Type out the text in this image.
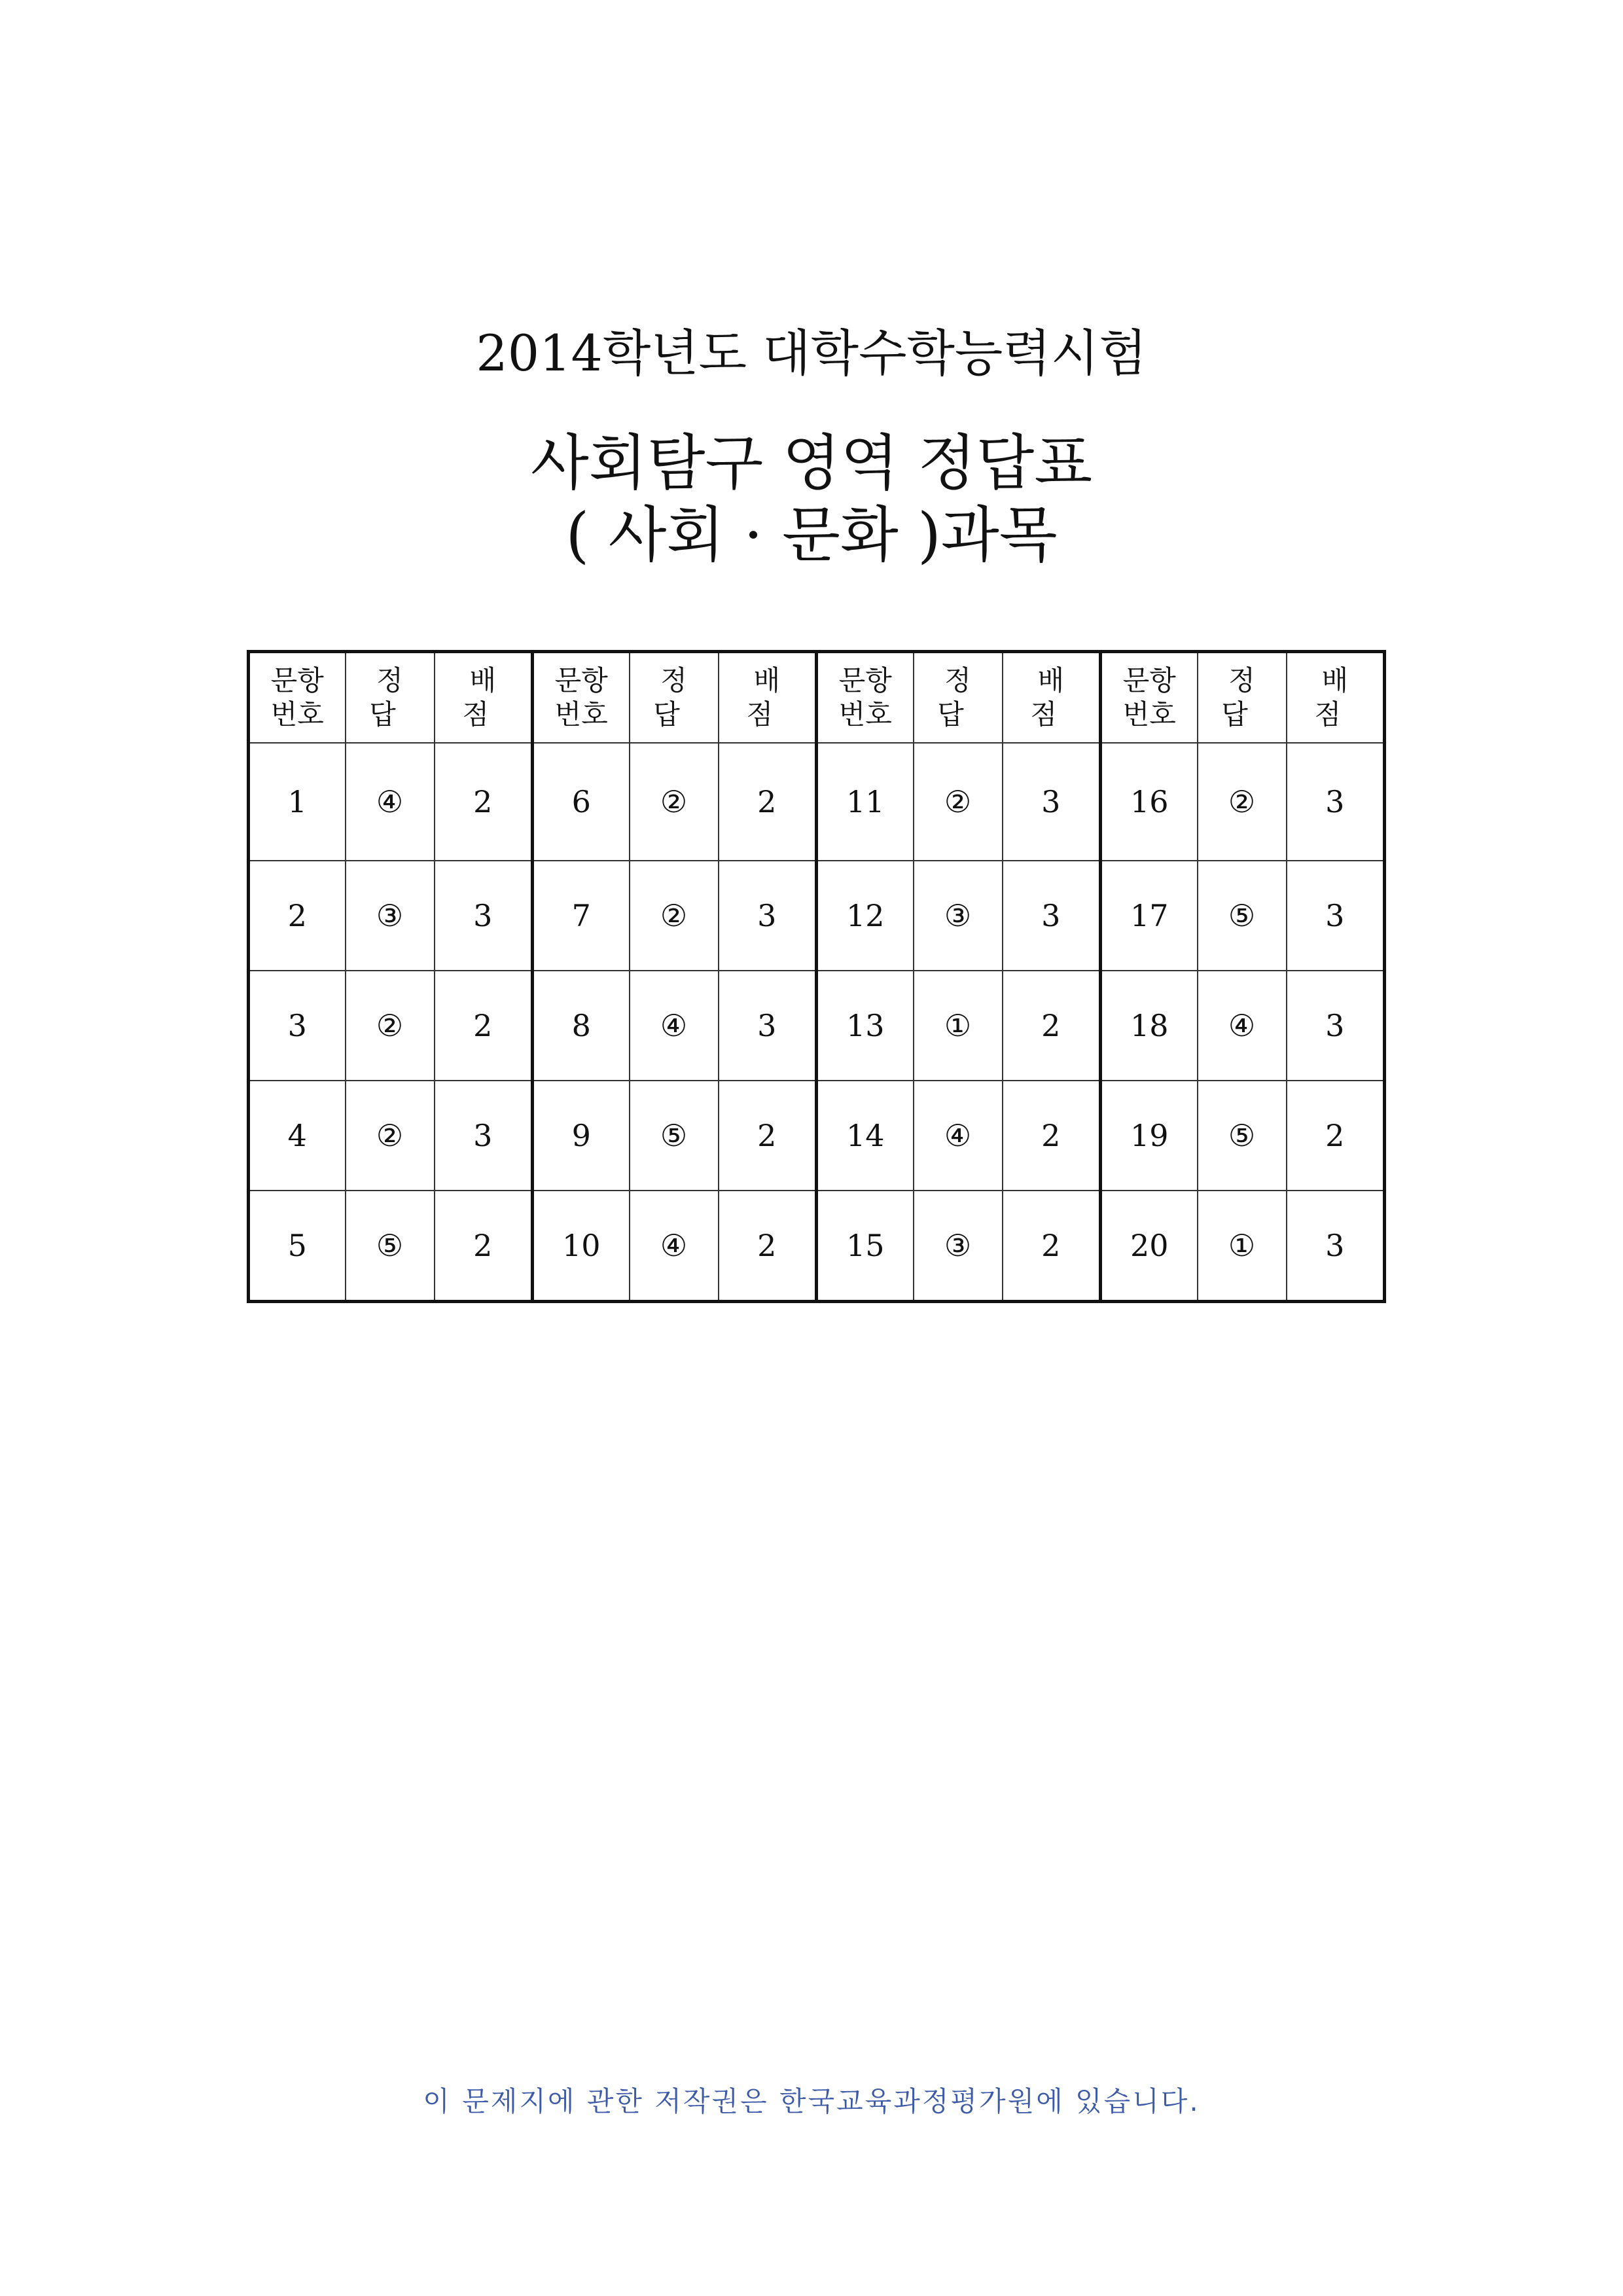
2014학년도 대학수학능력시험
사회탐구 영역 정답표
( 사회 · 문화 )과목
문항번호	정답	배점	문항번호	정답	배점	문항번호	정답	배점	문항번호	정답	배점
1	④	2	6	②	2	11	②	3	16	②	3
2	③	3	7	②	3	12	③	3	17	⑤	3
3	②	2	8	④	3	13	①	2	18	④	3
4	②	3	9	⑤	2	14	④	2	19	⑤	2
5	⑤	2	10	④	2	15	③	2	20	①	3
이 문제지에 관한 저작권은 한국교육과정평가원에 있습니다.
